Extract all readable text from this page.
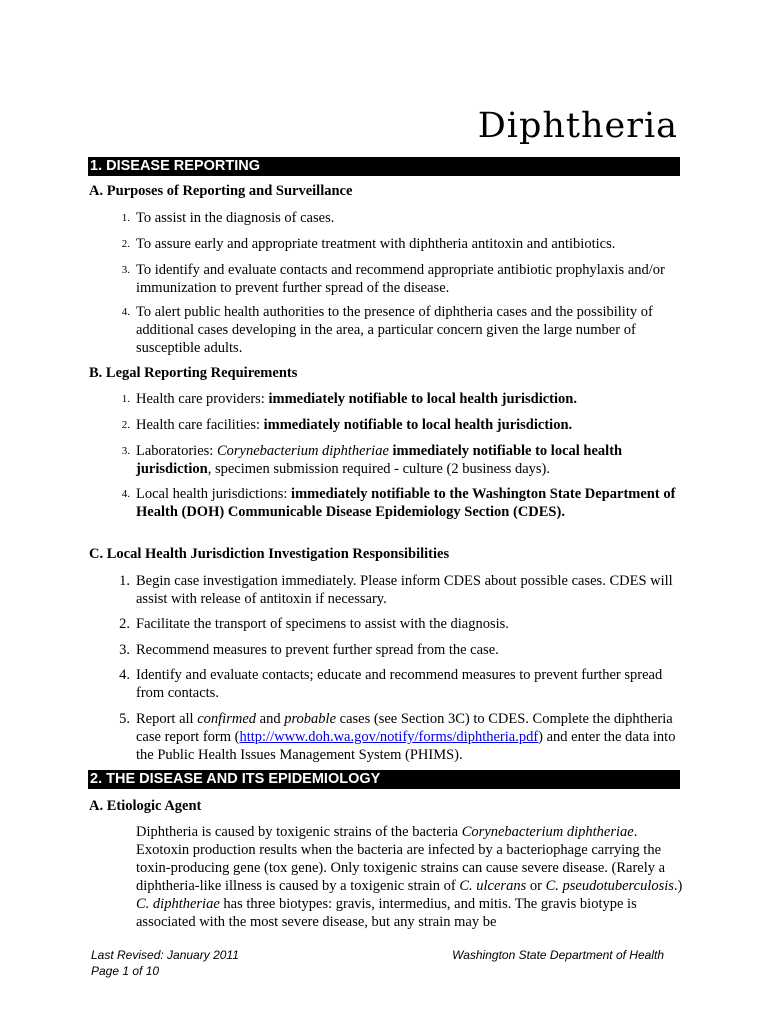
Diphtheria
1. DISEASE REPORTING
A. Purposes of Reporting and Surveillance
1. To assist in the diagnosis of cases.
2. To assure early and appropriate treatment with diphtheria antitoxin and antibiotics.
3. To identify and evaluate contacts and recommend appropriate antibiotic prophylaxis and/or immunization to prevent further spread of the disease.
4. To alert public health authorities to the presence of diphtheria cases and the possibility of additional cases developing in the area, a particular concern given the large number of susceptible adults.
B. Legal Reporting Requirements
1. Health care providers: immediately notifiable to local health jurisdiction.
2. Health care facilities: immediately notifiable to local health jurisdiction.
3. Laboratories: Corynebacterium diphtheriae immediately notifiable to local health jurisdiction, specimen submission required - culture (2 business days).
4. Local health jurisdictions: immediately notifiable to the Washington State Department of Health (DOH) Communicable Disease Epidemiology Section (CDES).
C. Local Health Jurisdiction Investigation Responsibilities
1. Begin case investigation immediately. Please inform CDES about possible cases. CDES will assist with release of antitoxin if necessary.
2. Facilitate the transport of specimens to assist with the diagnosis.
3. Recommend measures to prevent further spread from the case.
4. Identify and evaluate contacts; educate and recommend measures to prevent further spread from contacts.
5. Report all confirmed and probable cases (see Section 3C) to CDES. Complete the diphtheria case report form (http://www.doh.wa.gov/notify/forms/diphtheria.pdf) and enter the data into the Public Health Issues Management System (PHIMS).
2. THE DISEASE AND ITS EPIDEMIOLOGY
A. Etiologic Agent
Diphtheria is caused by toxigenic strains of the bacteria Corynebacterium diphtheriae. Exotoxin production results when the bacteria are infected by a bacteriophage carrying the toxin-producing gene (tox gene). Only toxigenic strains can cause severe disease. (Rarely a diphtheria-like illness is caused by a toxigenic strain of C. ulcerans or C. pseudotuberculosis.) C. diphtheriae has three biotypes: gravis, intermedius, and mitis. The gravis biotype is associated with the most severe disease, but any strain may be
Last Revised: January 2011
Page 1 of 10
Washington State Department of Health
